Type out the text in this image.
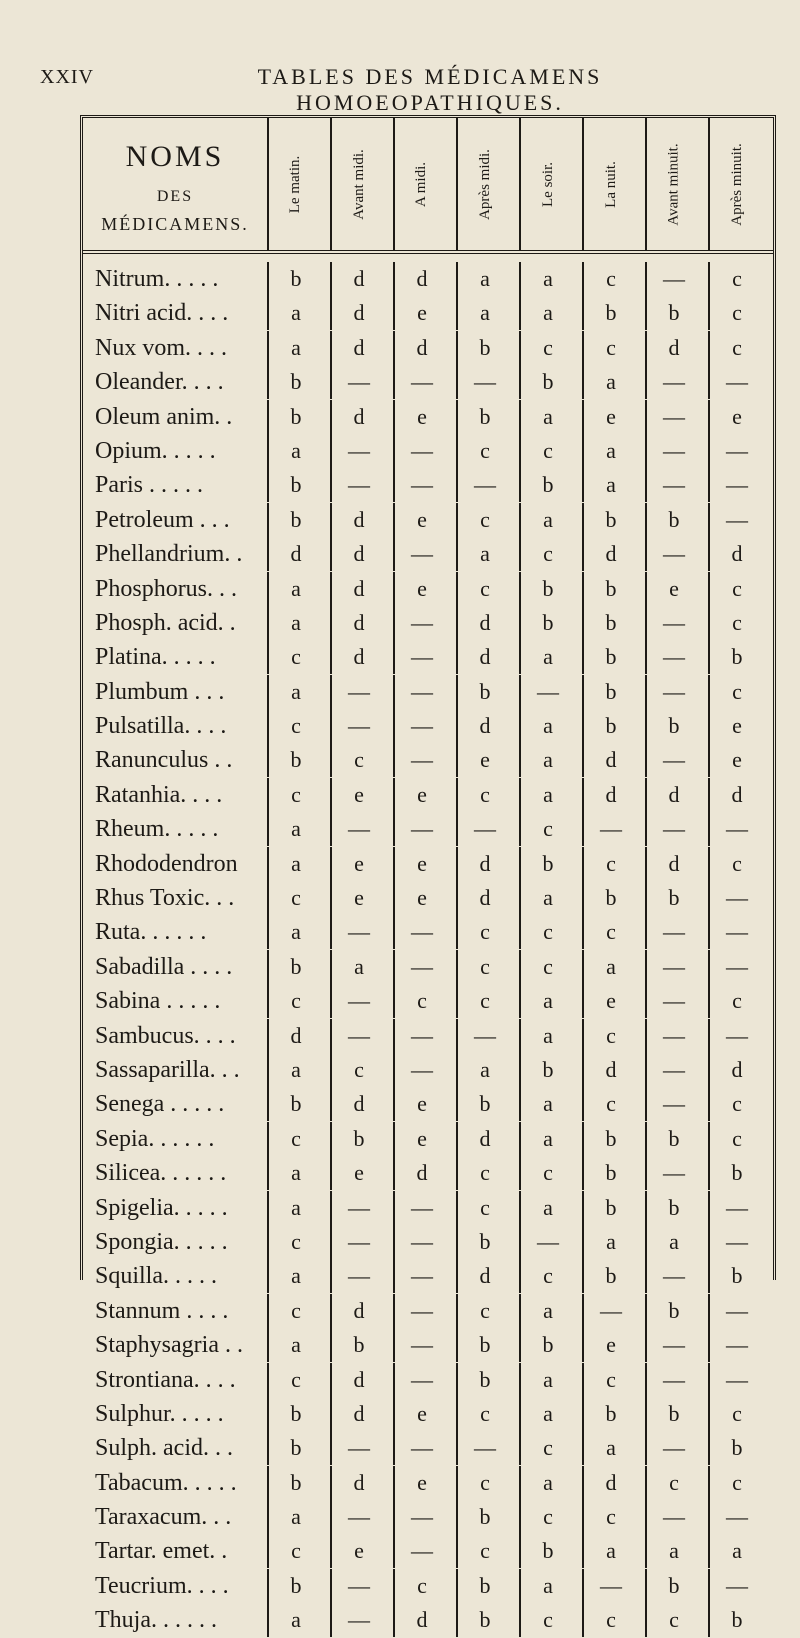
XXIV	TABLES DES MÉDICAMENS HOMOEOPATHIQUES.
NOMS
DES
MÉDICAMENS.
Le matin.	Avant midi.	A midi.	Après midi.	Le soir.	La nuit.	Avant minuit.	Après minuit.
Nitrum. . . . .	b	d	d	a	a	c	—	c
Nitri acid. . . .	a	d	e	a	a	b	b	c
Nux vom. . . .	a	d	d	b	c	c	d	c
Oleander. . . .	b	—	—	—	b	a	—	—
Oleum anim. .	b	d	e	b	a	e	—	e
Opium. . . . .	a	—	—	c	c	a	—	—
Paris . . . . .	b	—	—	—	b	a	—	—
Petroleum . . .	b	d	e	c	a	b	b	—
Phellandrium. .	d	d	—	a	c	d	—	d
Phosphorus. . .	a	d	e	c	b	b	e	c
Phosph. acid. .	a	d	—	d	b	b	—	c
Platina. . . . .	c	d	—	d	a	b	—	b
Plumbum . . .	a	—	—	b	—	b	—	c
Pulsatilla. . . .	c	—	—	d	a	b	b	e
Ranunculus . .	b	c	—	e	a	d	—	e
Ratanhia. . . .	c	e	e	c	a	d	d	d
Rheum. . . . .	a	—	—	—	c	—	—	—
Rhododendron	a	e	e	d	b	c	d	c
Rhus Toxic. . .	c	e	e	d	a	b	b	—
Ruta. . . . . .	a	—	—	c	c	c	—	—
Sabadilla . . . .	b	a	—	c	c	a	—	—
Sabina . . . . .	c	—	c	c	a	e	—	c
Sambucus. . . .	d	—	—	—	a	c	—	—
Sassaparilla. . .	a	c	—	a	b	d	—	d
Senega . . . . .	b	d	e	b	a	c	—	c
Sepia. . . . . .	c	b	e	d	a	b	b	c
Silicea. . . . . .	a	e	d	c	c	b	—	b
Spigelia. . . . .	a	—	—	c	a	b	b	—
Spongia. . . . .	c	—	—	b	—	a	a	—
Squilla. . . . .	a	—	—	d	c	b	—	b
Stannum . . . .	c	d	—	c	a	—	b	—
Staphysagria . .	a	b	—	b	b	e	—	—
Strontiana. . . .	c	d	—	b	a	c	—	—
Sulphur. . . . .	b	d	e	c	a	b	b	c
Sulph. acid. . .	b	—	—	—	c	a	—	b
Tabacum. . . . .	b	d	e	c	a	d	c	c
Taraxacum. . .	a	—	—	b	c	c	—	—
Tartar. emet. .	c	e	—	c	b	a	a	a
Teucrium. . . .	b	—	c	b	a	—	b	—
Thuja. . . . . .	a	—	d	b	c	c	c	b
